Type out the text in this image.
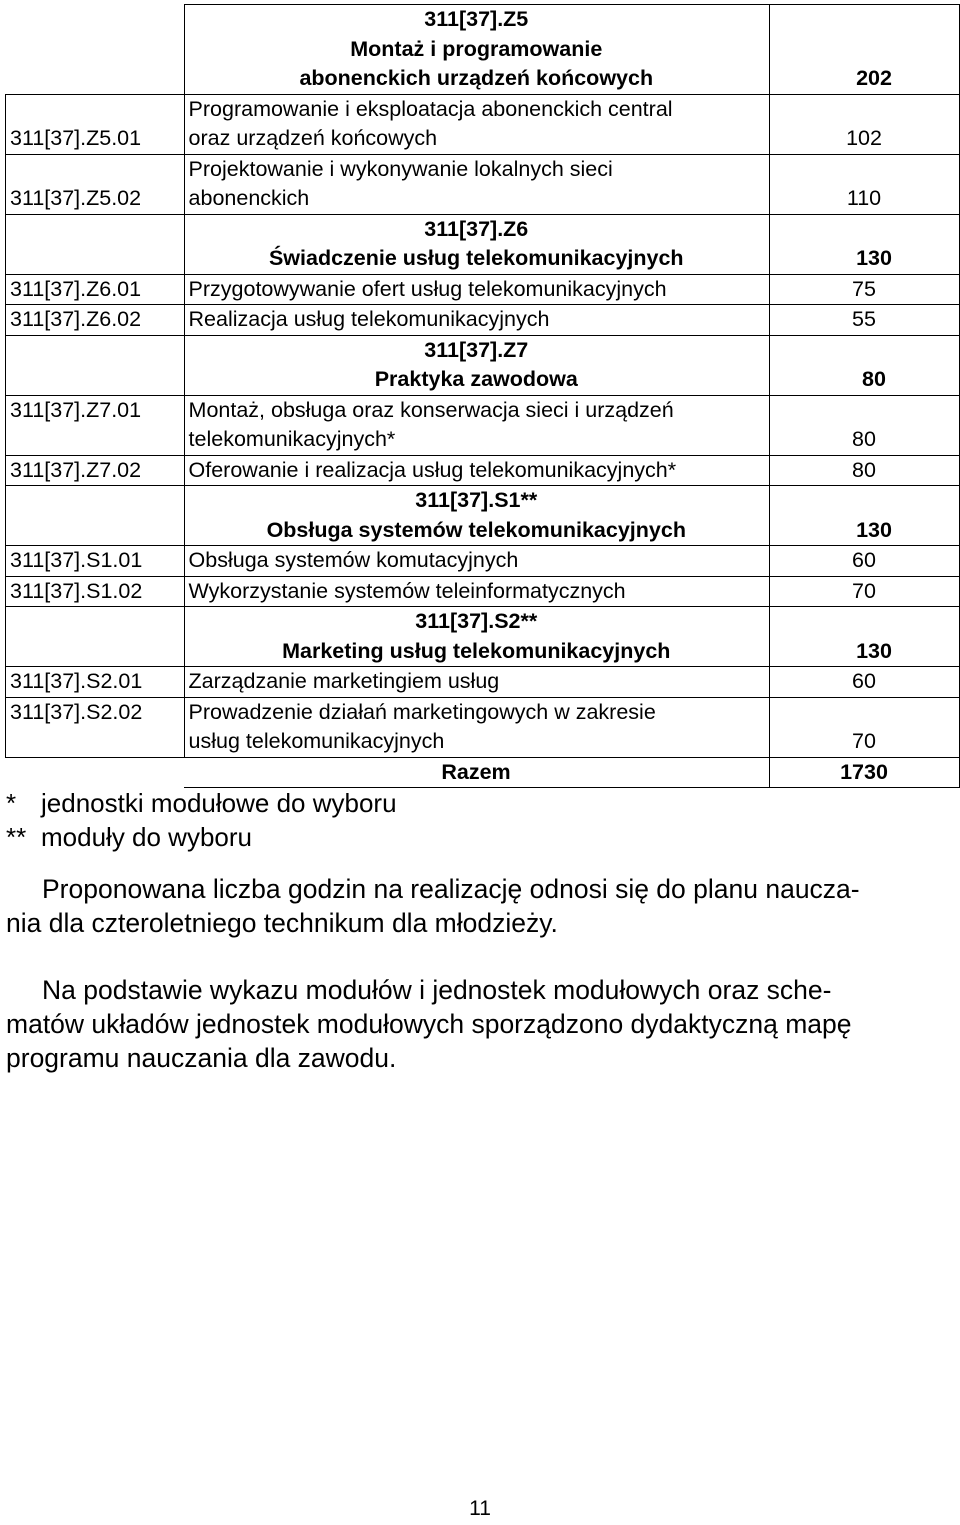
	311[37].Z5
Montaż i programowanie
abonenckich urządzeń końcowych	202
311[37].Z5.01	Programowanie i eksploatacja abonenckich central
oraz urządzeń końcowych	102
311[37].Z5.02	Projektowanie i wykonywanie lokalnych sieci
abonenckich	110

	311[37].Z6
Świadczenie usług telekomunikacyjnych	130
311[37].Z6.01	Przygotowywanie ofert usług telekomunikacyjnych	75
311[37].Z6.02	Realizacja usług telekomunikacyjnych	55

	311[37].Z7
Praktyka zawodowa	80
311[37].Z7.01	Montaż, obsługa oraz konserwacja sieci i urządzeń
telekomunikacyjnych*	80
311[37].Z7.02	Oferowanie i realizacja usług telekomunikacyjnych*	80

	311[37].S1**
Obsługa systemów telekomunikacyjnych	130
311[37].S1.01	Obsługa systemów komutacyjnych	60
311[37].S1.02	Wykorzystanie systemów teleinformatycznych	70

	311[37].S2**
Marketing usług telekomunikacyjnych	130
311[37].S2.01	Zarządzanie marketingiem usług	60
311[37].S2.02	Prowadzenie działań marketingowych w zakresie
usług telekomunikacyjnych	70
	Razem	1730
* jednostki modułowe do wyboru
** moduły do wyboru
Proponowana liczba godzin na realizację odnosi się do planu naucza-
nia dla czteroletniego technikum dla młodzieży.
Na podstawie wykazu modułów i jednostek modułowych oraz sche-
matów układów jednostek modułowych sporządzono dydaktyczną mapę
programu nauczania dla zawodu.
11
